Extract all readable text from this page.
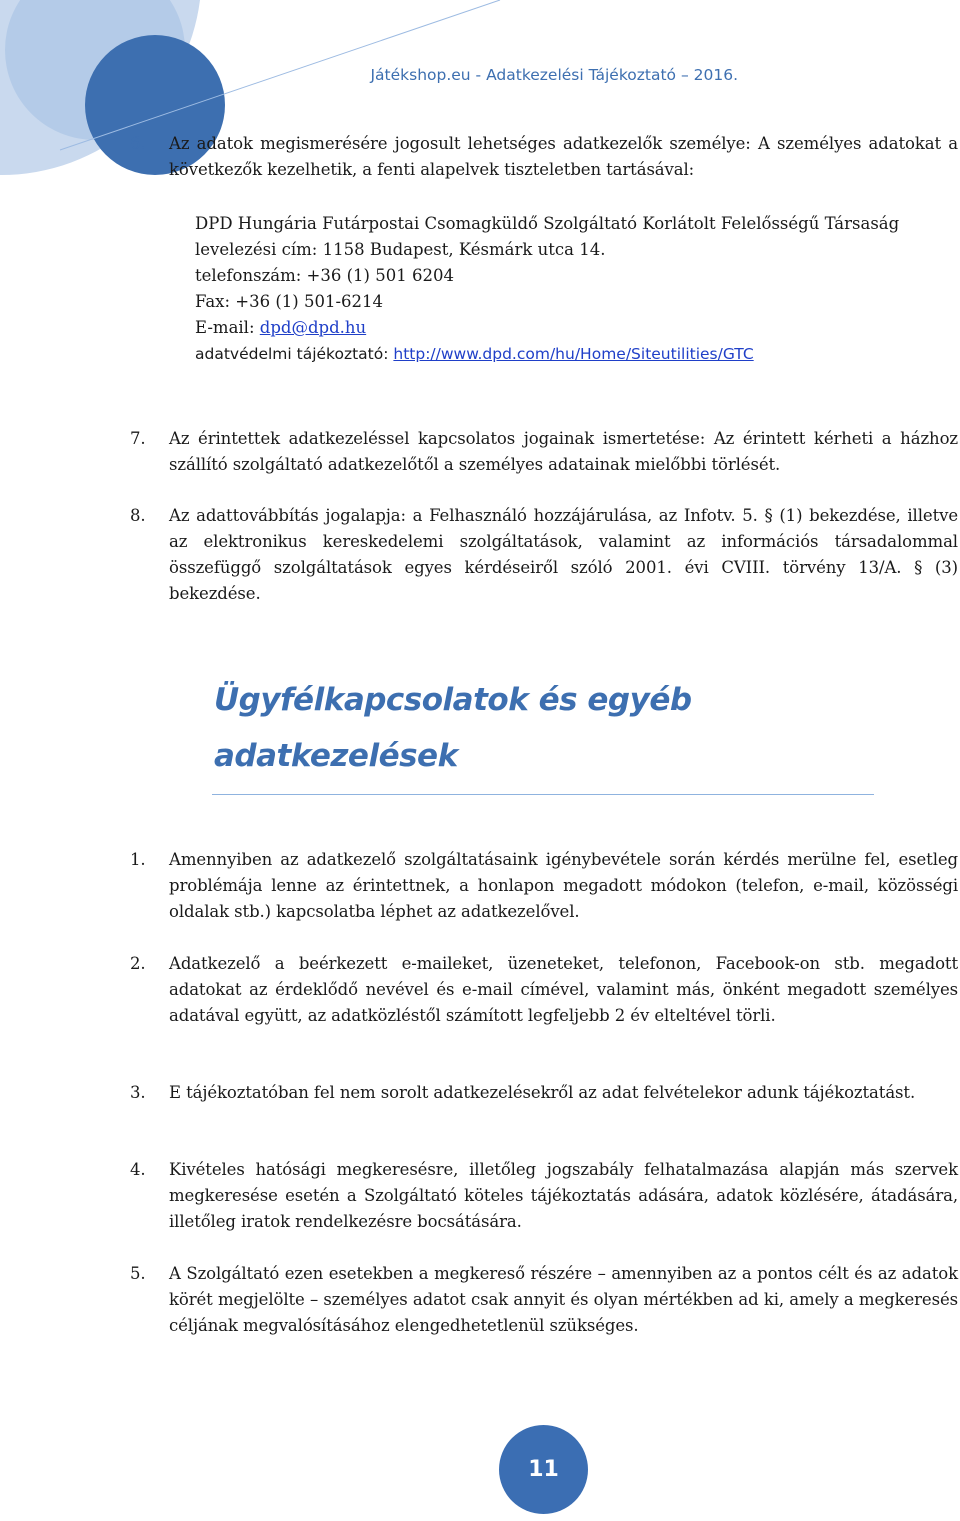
Játékshop.eu - Adatkezelési Tájékoztató – 2016.
6. Az adatok megismerésére jogosult lehetséges adatkezelők személye: A személyes adatokat a következők kezelhetik, a fenti alapelvek tiszteletben tartásával:
DPD Hungária Futárpostai Csomagküldő Szolgáltató Korlátolt Felelősségű Társaság
levelezési cím: 1158 Budapest, Késmárk utca 14.
telefonszám: +36 (1) 501 6204
Fax: +36 (1) 501-6214
E-mail: dpd@dpd.hu
adatvédelmi tájékoztató: http://www.dpd.com/hu/Home/Siteutilities/GTC
7. Az érintettek adatkezeléssel kapcsolatos jogainak ismertetése: Az érintett kérheti a házhoz szállító szolgáltató adatkezelőtől a személyes adatainak mielőbbi törlését.
8. Az adattovábbítás jogalapja: a Felhasználó hozzájárulása, az Infotv. 5. § (1) bekezdése, illetve az elektronikus kereskedelemi szolgáltatások, valamint az információs társadalommal összefüggő szolgáltatások egyes kérdéseiről szóló 2001. évi CVIII. törvény 13/A. § (3) bekezdése.
Ügyfélkapcsolatok és egyéb adatkezelések
1. Amennyiben az adatkezelő szolgáltatásaink igénybevétele során kérdés merülne fel, esetleg problémája lenne az érintettnek, a honlapon megadott módokon (telefon, e-mail, közösségi oldalak stb.) kapcsolatba léphet az adatkezelővel.
2. Adatkezelő a beérkezett e-maileket, üzeneteket, telefonon, Facebook-on stb. megadott adatokat az érdeklődő nevével és e-mail címével, valamint más, önként megadott személyes adatával együtt, az adatközléstől számított legfeljebb 2 év elteltével törli.
3. E tájékoztatóban fel nem sorolt adatkezelésekről az adat felvételekor adunk tájékoztatást.
4. Kivételes hatósági megkeresésre, illetőleg jogszabály felhatalmazása alapján más szervek megkeresése esetén a Szolgáltató köteles tájékoztatás adására, adatok közlésére, átadására, illetőleg iratok rendelkezésre bocsátására.
5. A Szolgáltató ezen esetekben a megkereső részére – amennyiben az a pontos célt és az adatok körét megjelölte – személyes adatot csak annyit és olyan mértékben ad ki, amely a megkeresés céljának megvalósításához elengedhetetlenül szükséges.
11
